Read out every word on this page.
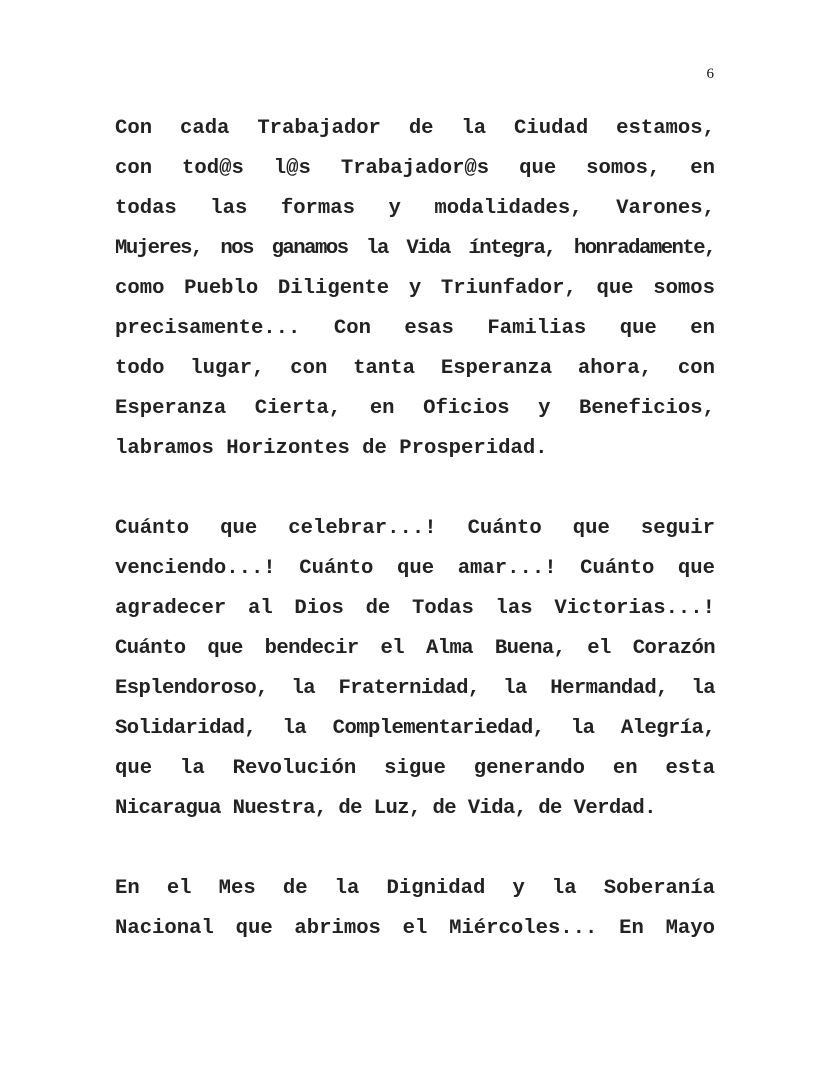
6
Con cada Trabajador de la Ciudad estamos,
con tod@s l@s Trabajador@s que somos, en
todas las formas y modalidades, Varones,
Mujeres, nos ganamos la Vida íntegra, honradamente,
como Pueblo Diligente y Triunfador, que somos
precisamente... Con esas Familias que en
todo lugar, con tanta Esperanza ahora, con
Esperanza Cierta, en Oficios y Beneficios,
labramos Horizontes de Prosperidad.
Cuánto que celebrar...! Cuánto que seguir
venciendo...! Cuánto que amar...! Cuánto que
agradecer al Dios de Todas las Victorias...!
Cuánto que bendecir el Alma Buena, el Corazón
Esplendoroso, la Fraternidad, la Hermandad, la
Solidaridad, la Complementariedad, la Alegría,
que la Revolución sigue generando en esta
Nicaragua Nuestra, de Luz, de Vida, de Verdad.
En el Mes de la Dignidad y la Soberanía
Nacional que abrimos el Miércoles... En Mayo
